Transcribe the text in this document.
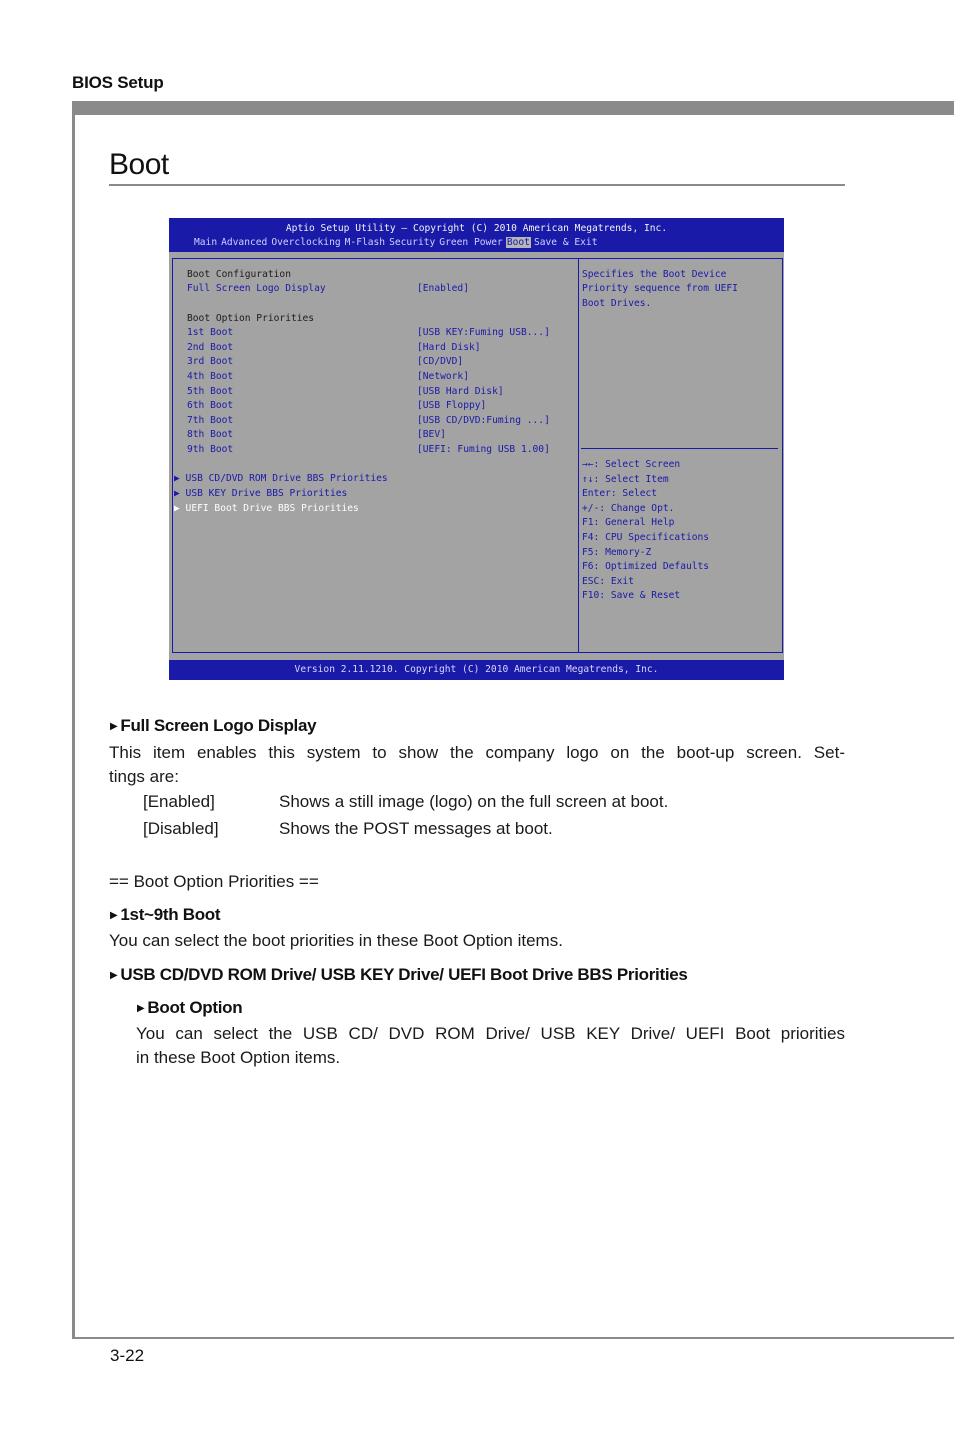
BIOS Setup
Boot
Aptio Setup Utility – Copyright (C) 2010 American Megatrends, Inc.
Main Advanced Overclocking M-Flash Security Green Power Boot Save & Exit
Boot Configuration
Full Screen Logo Display	[Enabled]
Boot Option Priorities
1st Boot	[USB KEY:Fuming USB...]
2nd Boot	[Hard Disk]
3rd Boot	[CD/DVD]
4th Boot	[Network]
5th Boot	[USB Hard Disk]
6th Boot	[USB Floppy]
7th Boot	[USB CD/DVD:Fuming ...]
8th Boot	[BEV]
9th Boot	[UEFI: Fuming USB 1.00]
▶ USB CD/DVD ROM Drive BBS Priorities
▶ USB KEY Drive BBS Priorities
▶ UEFI Boot Drive BBS Priorities
Specifies the Boot Device
Priority sequence from UEFI
Boot Drives.
→←: Select Screen
↑↓: Select Item
Enter: Select
+/-: Change Opt.
F1: General Help
F4: CPU Specifications
F5: Memory-Z
F6: Optimized Defaults
ESC: Exit
F10: Save & Reset
Version 2.11.1210. Copyright (C) 2010 American Megatrends, Inc.
▶ Full Screen Logo Display
This item enables this system to show the company logo on the boot-up screen. Set-
tings are:
[Enabled]	Shows a still image (logo) on the full screen at boot.
[Disabled]	Shows the POST messages at boot.
== Boot Option Priorities ==
▶ 1st~9th Boot
You can select the boot priorities in these Boot Option items.
▶ USB CD/DVD ROM Drive/ USB KEY Drive/ UEFI Boot Drive BBS Priorities
▶ Boot Option
You can select the USB CD/ DVD ROM Drive/ USB KEY Drive/ UEFI Boot priorities
in these Boot Option items.
3-22
